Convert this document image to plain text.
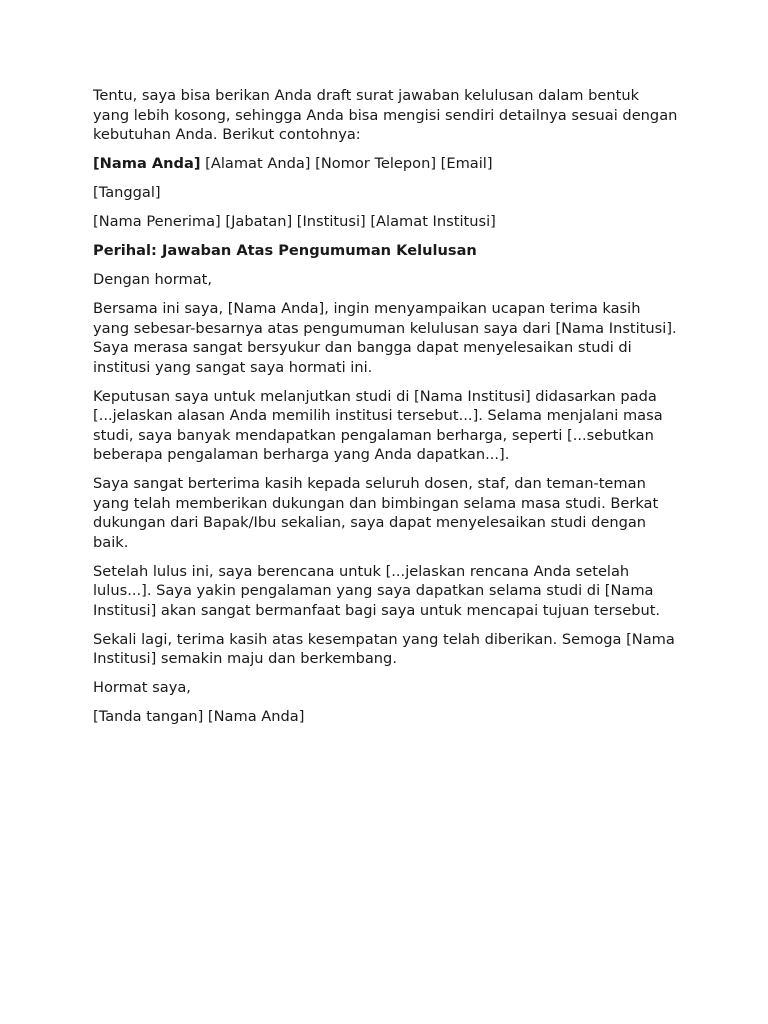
Tentu, saya bisa berikan Anda draft surat jawaban kelulusan dalam bentuk yang lebih kosong, sehingga Anda bisa mengisi sendiri detailnya sesuai dengan kebutuhan Anda. Berikut contohnya:

[Nama Anda] [Alamat Anda] [Nomor Telepon] [Email]

[Tanggal]

[Nama Penerima] [Jabatan] [Institusi] [Alamat Institusi]

Perihal: Jawaban Atas Pengumuman Kelulusan

Dengan hormat,

Bersama ini saya, [Nama Anda], ingin menyampaikan ucapan terima kasih yang sebesar-besarnya atas pengumuman kelulusan saya dari [Nama Institusi]. Saya merasa sangat bersyukur dan bangga dapat menyelesaikan studi di institusi yang sangat saya hormati ini.

Keputusan saya untuk melanjutkan studi di [Nama Institusi] didasarkan pada [...jelaskan alasan Anda memilih institusi tersebut...]. Selama menjalani masa studi, saya banyak mendapatkan pengalaman berharga, seperti [...sebutkan beberapa pengalaman berharga yang Anda dapatkan...].

Saya sangat berterima kasih kepada seluruh dosen, staf, dan teman-teman yang telah memberikan dukungan dan bimbingan selama masa studi. Berkat dukungan dari Bapak/Ibu sekalian, saya dapat menyelesaikan studi dengan baik.

Setelah lulus ini, saya berencana untuk [...jelaskan rencana Anda setelah lulus...]. Saya yakin pengalaman yang saya dapatkan selama studi di [Nama Institusi] akan sangat bermanfaat bagi saya untuk mencapai tujuan tersebut.

Sekali lagi, terima kasih atas kesempatan yang telah diberikan. Semoga [Nama Institusi] semakin maju dan berkembang.

Hormat saya,

[Tanda tangan] [Nama Anda]
